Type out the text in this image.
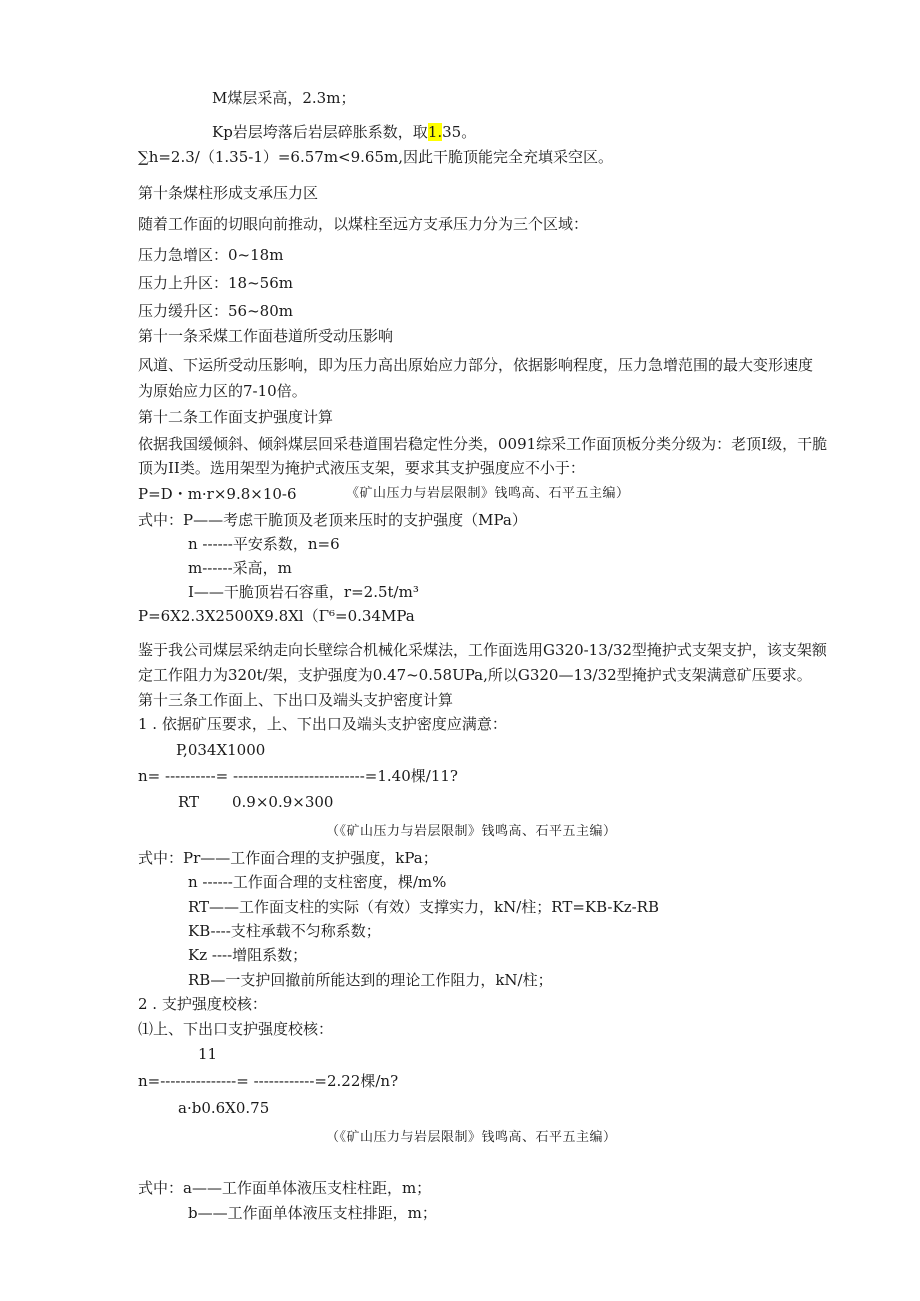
M煤层采高，2.3m；
Kp岩层垮落后岩层碎胀系数，取1.35。
∑h=2.3/（1.35-1）=6.57m<9.65m,因此干脆顶能完全充填采空区。
第十条煤柱形成支承压力区
随着工作面的切眼向前推动，以煤柱至远方支承压力分为三个区域：
压力急增区：0~18m
压力上升区：18~56m
压力缓升区：56~80m
第十一条采煤工作面巷道所受动压影响
风道、下运所受动压影响，即为压力高出原始应力部分，依据影响程度，压力急增范围的最大变形速度
为原始应力区的7-10倍。
第十二条工作面支护强度计算
依据我国缓倾斜、倾斜煤层回采巷道围岩稳定性分类，0091综采工作面顶板分类分级为：老顶I级，干脆
顶为II类。选用架型为掩护式液压支架，要求其支护强度应不小于：
P=D・m·r×9.8×10-6	《矿山压力与岩层限制》钱鸣高、石平五主编）
式中：P——考虑干脆顶及老顶来压时的支护强度（MPa）
n ------平安系数，n=6
m------采高，m
I——干脆顶岩石容重，r=2.5t/m³
P=6X2.3X2500X9.8Xl（Γ⁶=0.34MPa
鉴于我公司煤层采纳走向长壁综合机械化采煤法，工作面选用G320-13/32型掩护式支架支护，该支架额
定工作阻力为320t/架，支护强度为0.47~0.58UPa,所以G320—13/32型掩护式支架满意矿压要求。
第十三条工作面上、下出口及端头支护密度计算
1 . 依据矿压要求，上、下出口及端头支护密度应满意：
P,034X1000
n= ----------= --------------------------=1.40棵/11?
RT 0.9×0.9×300
（《矿山压力与岩层限制》钱鸣高、石平五主编）
式中：Pr——工作面合理的支护强度，kPa；
n ------工作面合理的支柱密度，棵/m%
RT——工作面支柱的实际（有效）支撑实力，kN/柱；RT=KB-Kz-RB
KB----支柱承载不匀称系数；
Kz ----增阻系数；
RB—一支护回撤前所能达到的理论工作阻力，kN/柱；
2 . 支护强度校核：
⑴上、下出口支护强度校核：
11
n=---------------= ------------=2.22棵/n?
a·b0.6X0.75
（《矿山压力与岩层限制》钱鸣高、石平五主编）
式中：a——工作面单体液压支柱柱距，m；
b——工作面单体液压支柱排距，m；
